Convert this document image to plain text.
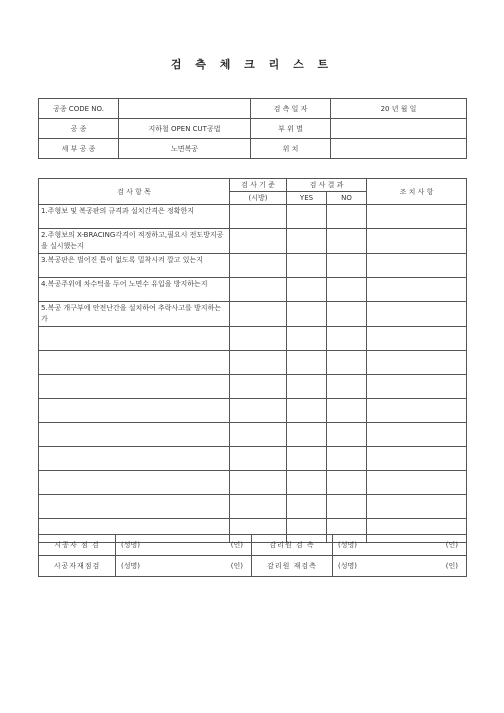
검 측 체 크 리 스 트
공종 CODE NO.		검 측 일 자	20 년 월 일
공 종	지하철 OPEN CUT공법	부 위 별	
세 부 공 종	노면복공	위 치	
검 사 항 목	검 사 기 준	검 사 결 과		조 치 사 항
	(시방)	YES	NO	
1.주형보 및 복공판의 규격과 설치간격은 정확한지				
2.주형보의 X-BRACING각격이 적정하고,필요시 전도방지공을 실시했는지				
3.복공판은 벌어진 틈이 없도록 밀착시켜 깔고 있는지				
4.복공주위에 차수턱을 두어 노면수 유입을 방지하는지				
5.복공 개구부에 안전난간을 설치하여 추락사고를 방지하는가				

시공자 점 검	(성명)	(인)	감리원 검 측	(성명)	(인)
시공자재점검	(성명)	(인)	감리원 재검측	(성명)	(인)
